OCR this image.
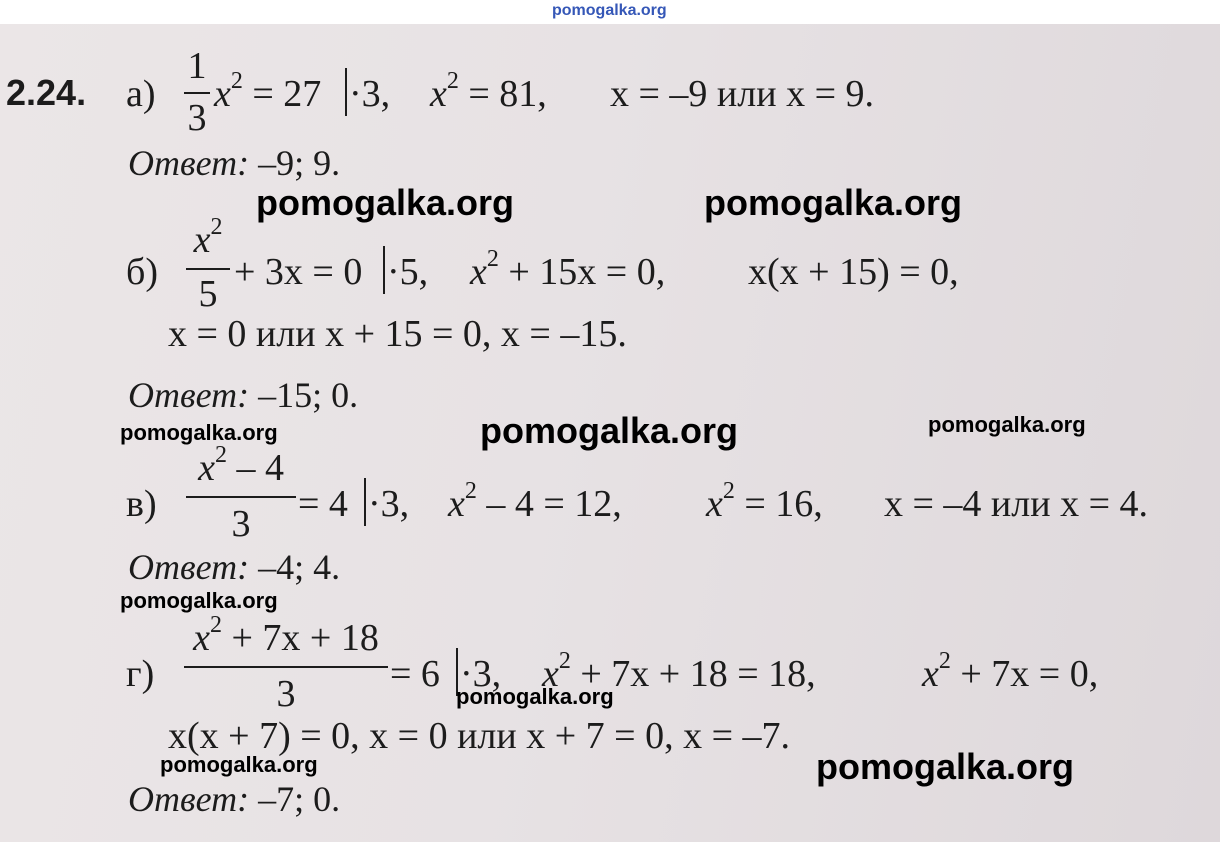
pomogalka.org
2.24. а)
1
3
$x^2 = 27 \cdot 3$, $x^2 = 81$, x = –9 или x = 9.
Ответ: –9; 9.
б)
$x^2$
5
+ 3x = 0 ·5, $x^2 + 15x = 0$, x(x + 15) = 0,
x = 0 или x + 15 = 0, x = –15.
Ответ: –15; 0.
в)
$x^2 - 4$
3	= 4 ·3, $x^2 - 4 = 12$, $x^2 = 16$, x = –4 или x = 4.
Ответ: –4; 4.
г)
$x^2 + 7x + 18$
3	= 6 ·3, $x^2 + 7x + 18 = 18$,	$x^2 + 7x = 0$,
x(x + 7) = 0, x = 0 или x + 7 = 0, x = –7.
Ответ: –7; 0.
pomogalka.org	pomogalka.org
pomogalka.org	pomogalka.org	pomogalka.org
pomogalka.org
pomogalka.org
pomogalka.org	pomogalka.org
